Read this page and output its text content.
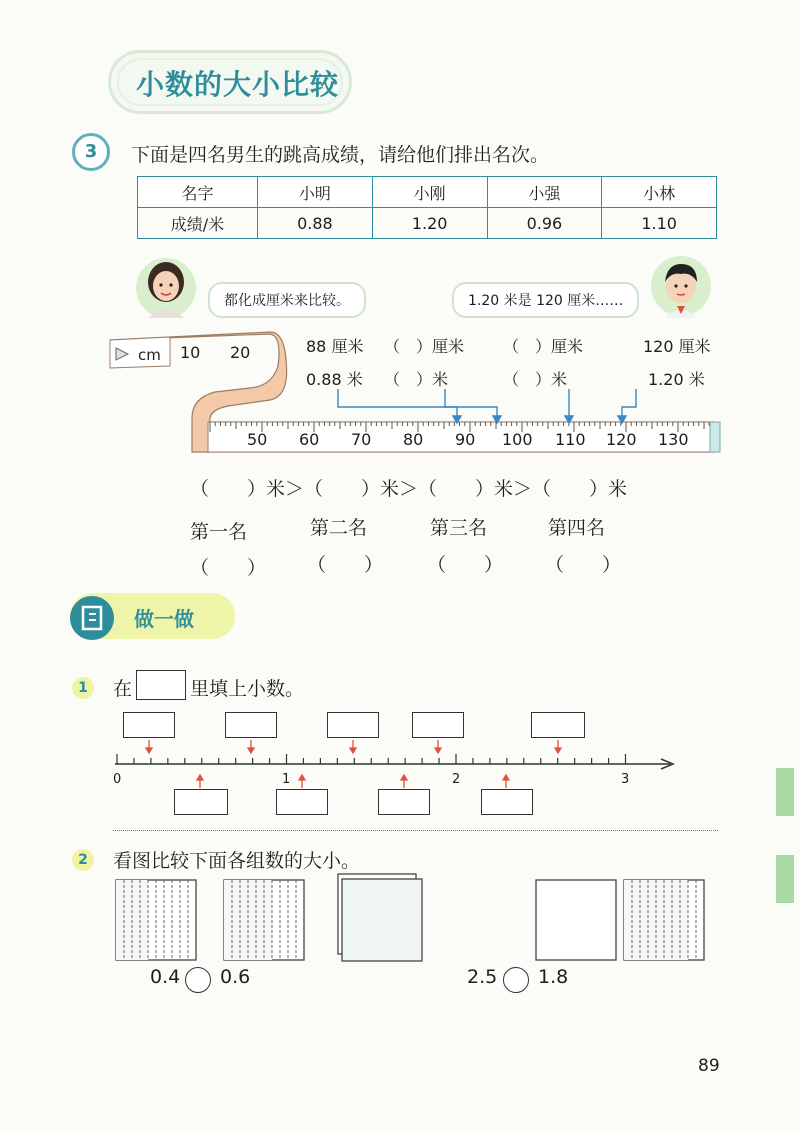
小数的大小比较
3	下面是四名男生的跳高成绩，请给他们排出名次。
名字	小明	小刚	小强	小林
成绩/米	0.88	1.20	0.96	1.10
都化成厘米来比较。	1.20 米是 120 厘米……
cm 10 20
50 60 70 80 90 100 110 120 130
88 厘米 （　）厘米 （　）厘米	120 厘米
0.88 米 （　）米	（　）米	1.20 米
（　　）米＞（　　）米＞（　　）米＞（　　）米
第一名	第二名	第三名	第四名
（　　） （　　） （　　） （　　）
做一做
1	在	里填上小数。
0	1	2	3
2	看图比较下面各组数的大小。
0.4 0.6	2.5 1.8
89
